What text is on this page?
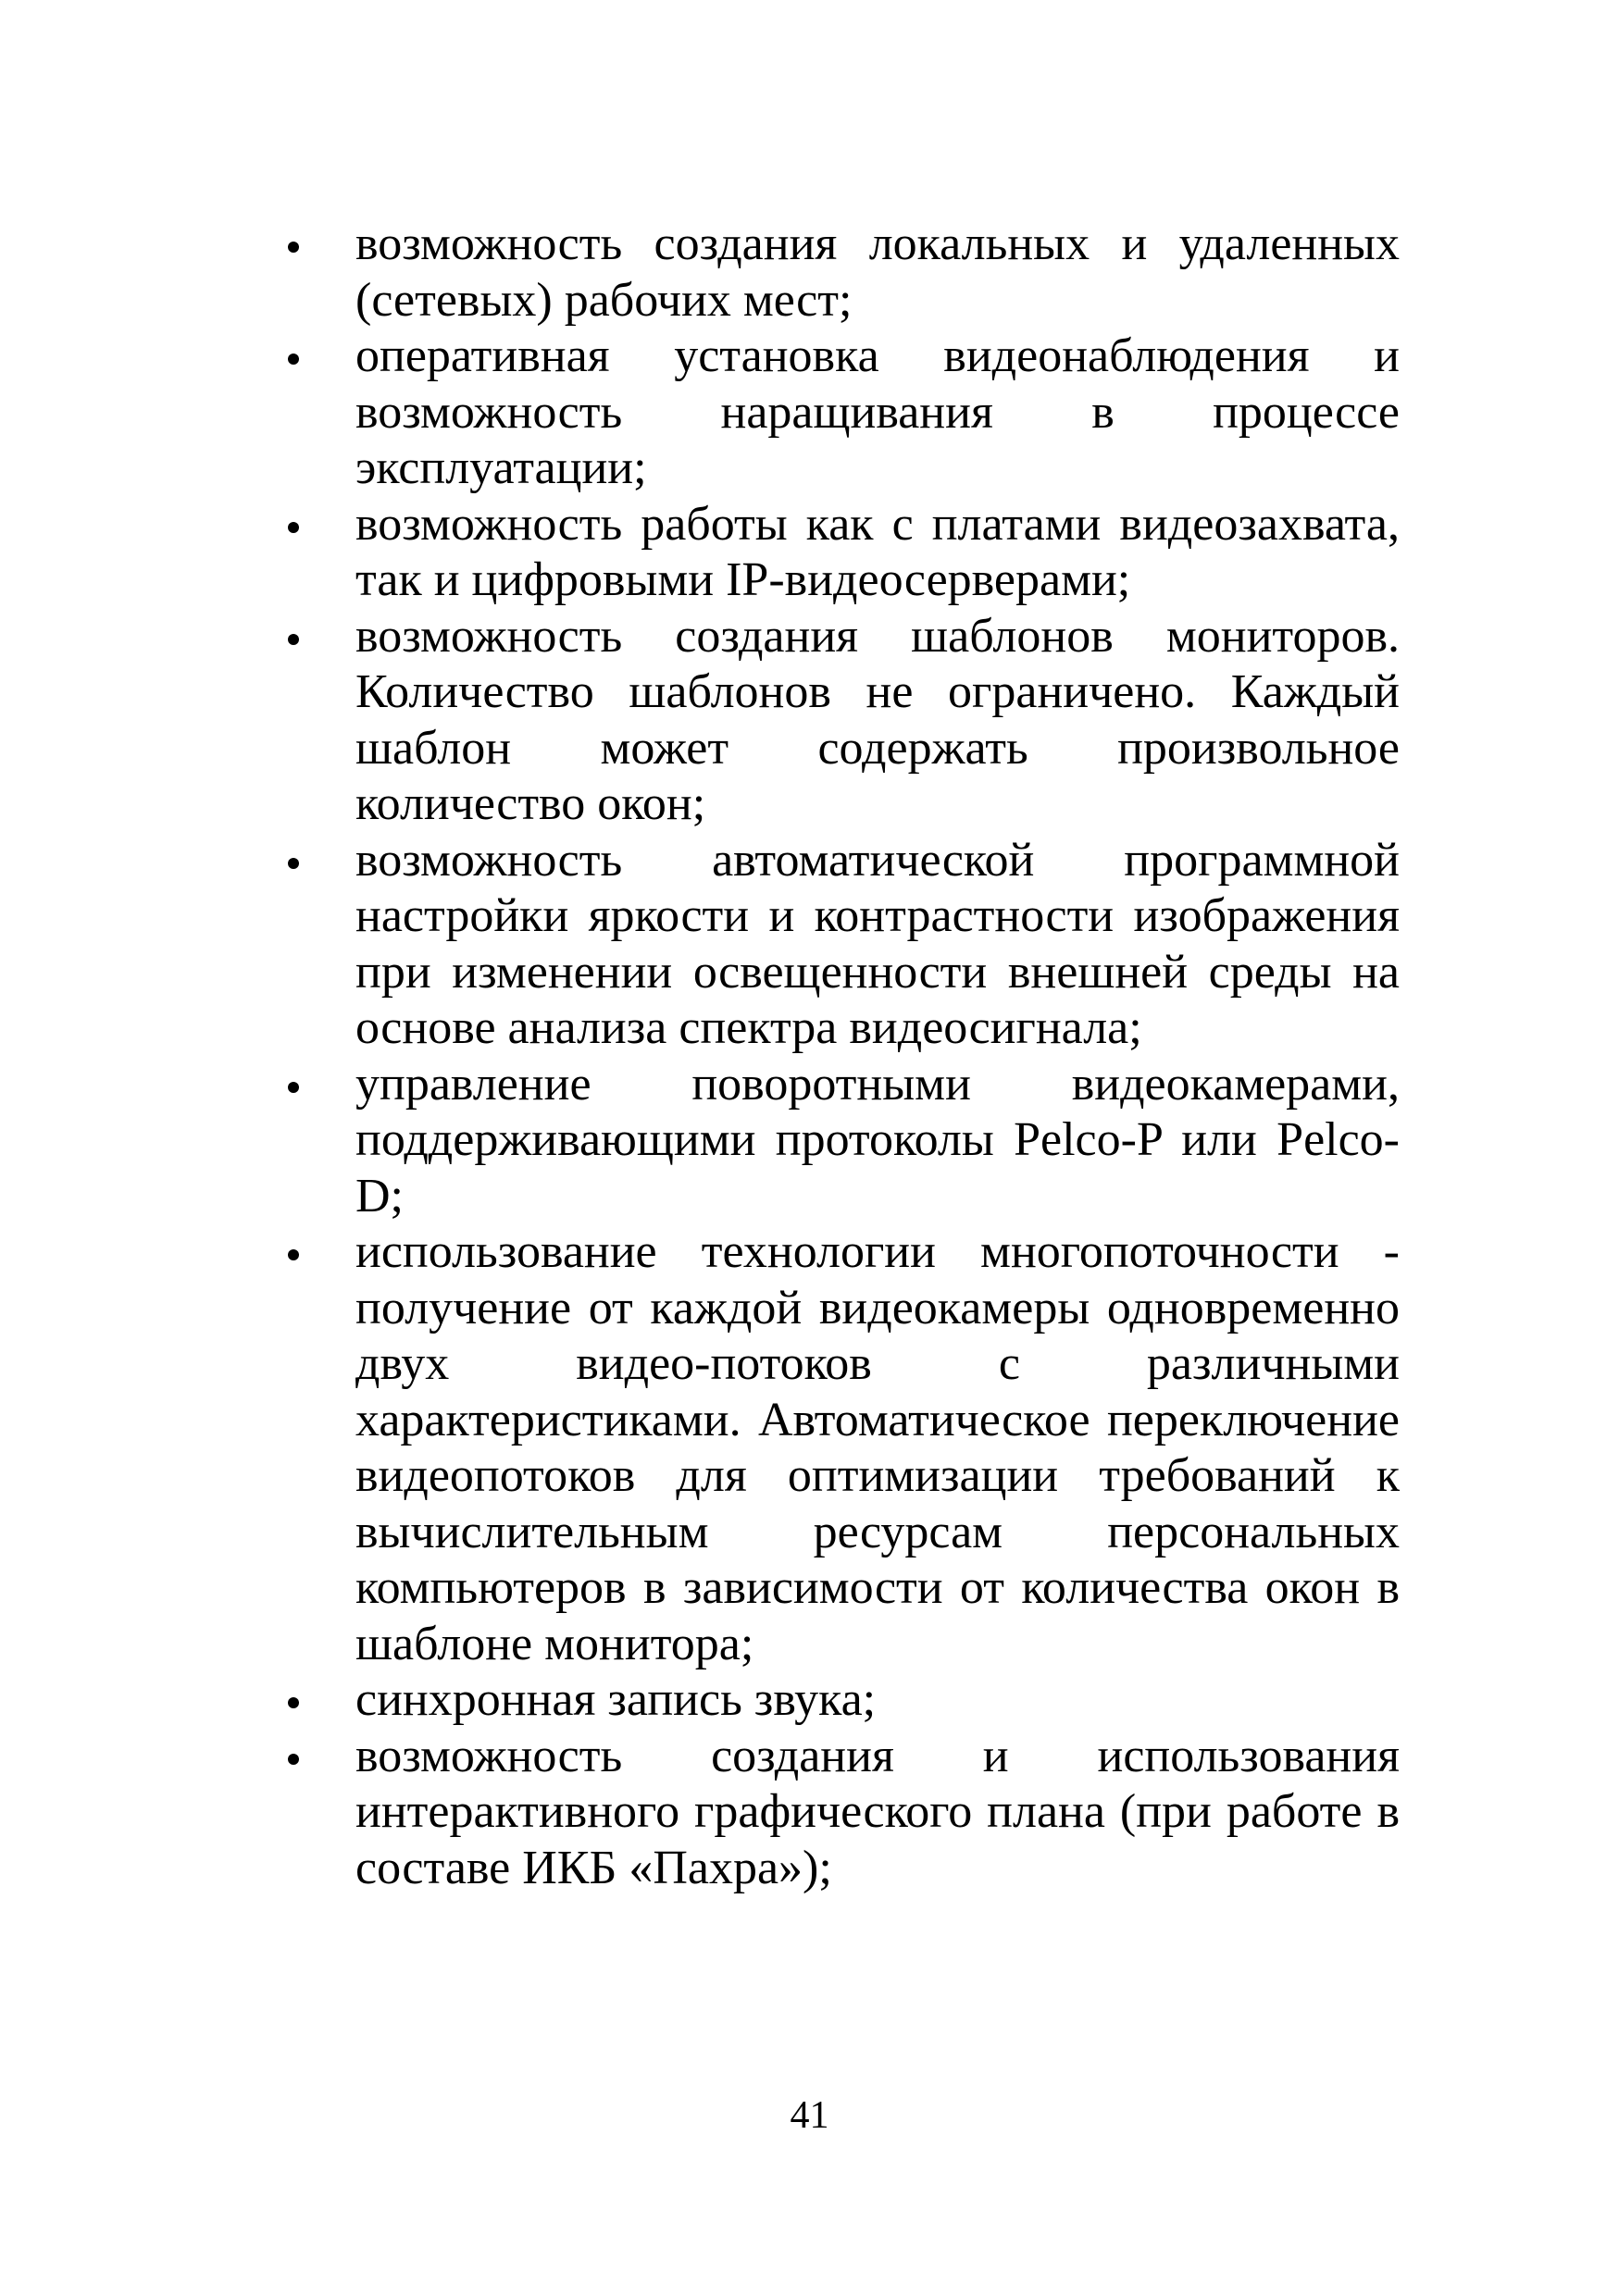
возможность создания локальных и удаленных (сетевых) рабочих мест;
оперативная установка видеонаблюдения и возможность наращивания в процессе эксплуатации;
возможность работы как с платами видеозахвата, так и цифровыми IP-видеосерверами;
возможность создания шаблонов мониторов. Количество шаблонов не ограничено. Каждый шаблон может содержать произвольное количество окон;
возможность автоматической программной настройки яркости и контрастности изображения при изменении освещенности внешней среды на основе анализа спектра видеосигнала;
управление поворотными видеокамерами, поддерживающими протоколы Pelco-P или Pelco-D;
использование технологии многопоточности - получение от каждой видеокамеры одновременно двух видео-потоков с различными характеристиками. Автоматическое переключение видеопотоков для оптимизации требований к вычислительным ресурсам персональных компьютеров в зависимости от количества окон в шаблоне монитора;
синхронная запись звука;
возможность создания и использования интерактивного графического плана (при работе в составе ИКБ «Пахра»);
41
